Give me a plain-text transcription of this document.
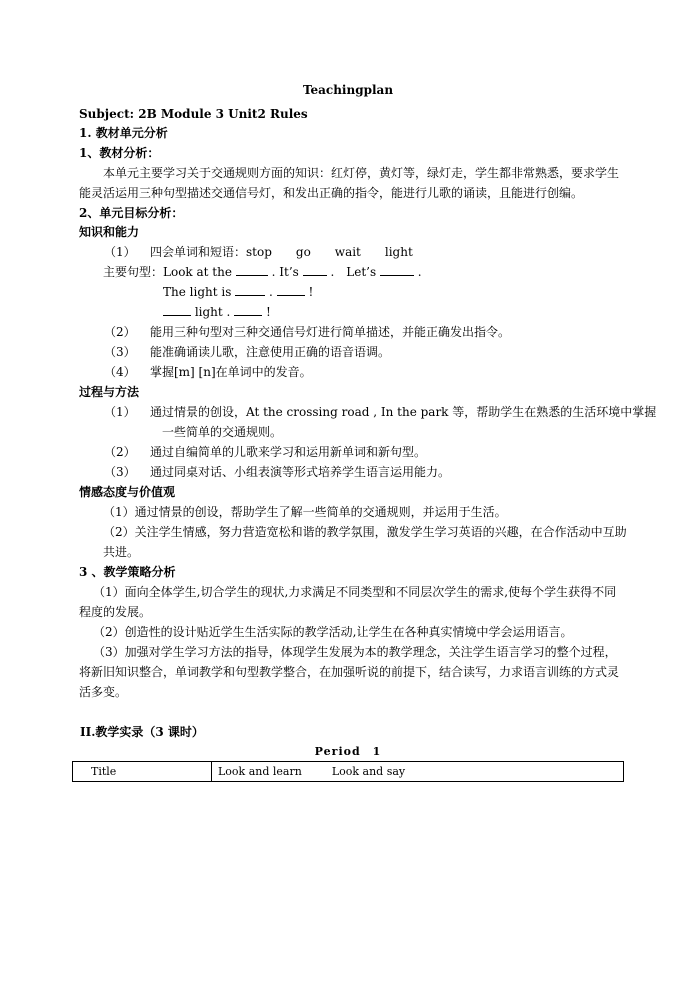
Teachingplan
Subject: 2B Module 3 Unit2 Rules
1. 教材单元分析
1、教材分析：
本单元主要学习关于交通规则方面的知识：红灯停，黄灯等，绿灯走，学生都非常熟悉，要求学生
能灵活运用三种句型描述交通信号灯，和发出正确的指令，能进行儿歌的诵读，且能进行创编。
2、单元目标分析：
知识和能力
（1） 四会单词和短语：stop　　go　　wait　　light
主要句型：Look at the	. It’s	.　Let’s	.
The light is	.	!
light .	!
（2） 能用三种句型对三种交通信号灯进行简单描述，并能正确发出指令。
（3） 能准确诵读儿歌，注意使用正确的语音语调。
（4） 掌握[m] [n]在单词中的发音。
过程与方法
（1） 通过情景的创设，At the crossing road , In the park 等，帮助学生在熟悉的生活环境中掌握
一些简单的交通规则。
（2） 通过自编简单的儿歌来学习和运用新单词和新句型。
（3） 通过同桌对话、小组表演等形式培养学生语言运用能力。
情感态度与价值观
（1）通过情景的创设，帮助学生了解一些简单的交通规则，并运用于生活。
（2）关注学生情感，努力营造宽松和谐的教学氛围，激发学生学习英语的兴趣，在合作活动中互助
共进。
3 、教学策略分析
（1）面向全体学生,切合学生的现状,力求满足不同类型和不同层次学生的需求,使每个学生获得不同
程度的发展。
（2）创造性的设计贴近学生生活实际的教学活动,让学生在各种真实情境中学会运用语言。
（3）加强对学生学习方法的指导，体现学生发展为本的教学理念，关注学生语言学习的整个过程，
将新旧知识整合，单词教学和句型教学整合，在加强听说的前提下，结合读写，力求语言训练的方式灵
活多变。
II.教学实录（3 课时）
Period　1
Title	Look and learn	Look and say
